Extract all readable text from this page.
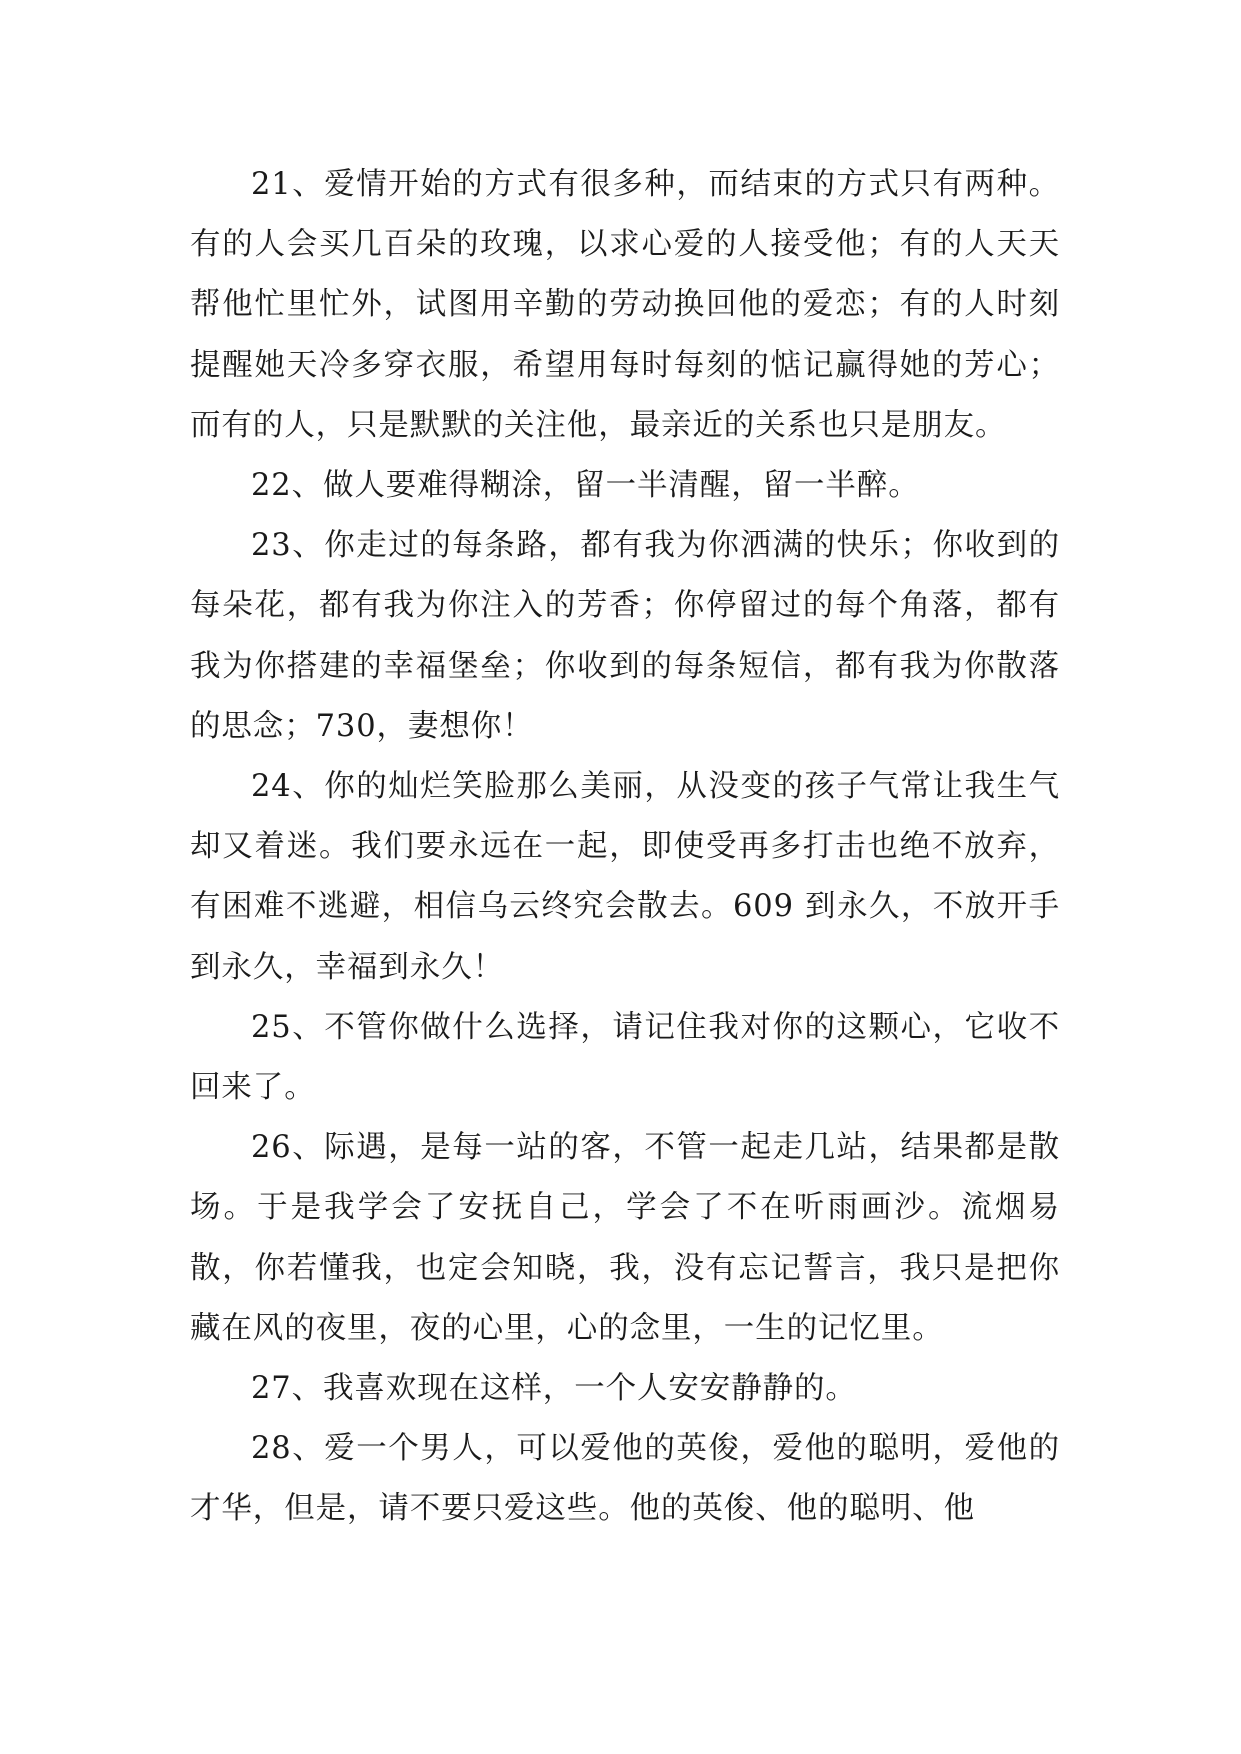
21、爱情开始的方式有很多种，而结束的方式只有两种。有的人会买几百朵的玫瑰，以求心爱的人接受他；有的人天天帮他忙里忙外，试图用辛勤的劳动换回他的爱恋；有的人时刻提醒她天冷多穿衣服，希望用每时每刻的惦记赢得她的芳心；而有的人，只是默默的关注他，最亲近的关系也只是朋友。

22、做人要难得糊涂，留一半清醒，留一半醉。

23、你走过的每条路，都有我为你洒满的快乐；你收到的每朵花，都有我为你注入的芳香；你停留过的每个角落，都有我为你搭建的幸福堡垒；你收到的每条短信，都有我为你散落的思念；730，妻想你！

24、你的灿烂笑脸那么美丽，从没变的孩子气常让我生气却又着迷。我们要永远在一起，即使受再多打击也绝不放弃，有困难不逃避，相信乌云终究会散去。609 到永久，不放开手到永久，幸福到永久！

25、不管你做什么选择，请记住我对你的这颗心，它收不回来了。

26、际遇，是每一站的客，不管一起走几站，结果都是散场。于是我学会了安抚自己，学会了不在听雨画沙。流烟易散，你若懂我，也定会知晓，我，没有忘记誓言，我只是把你藏在风的夜里，夜的心里，心的念里，一生的记忆里。

27、我喜欢现在这样，一个人安安静静的。

28、爱一个男人，可以爱他的英俊，爱他的聪明，爱他的才华，但是，请不要只爱这些。他的英俊、他的聪明、他
